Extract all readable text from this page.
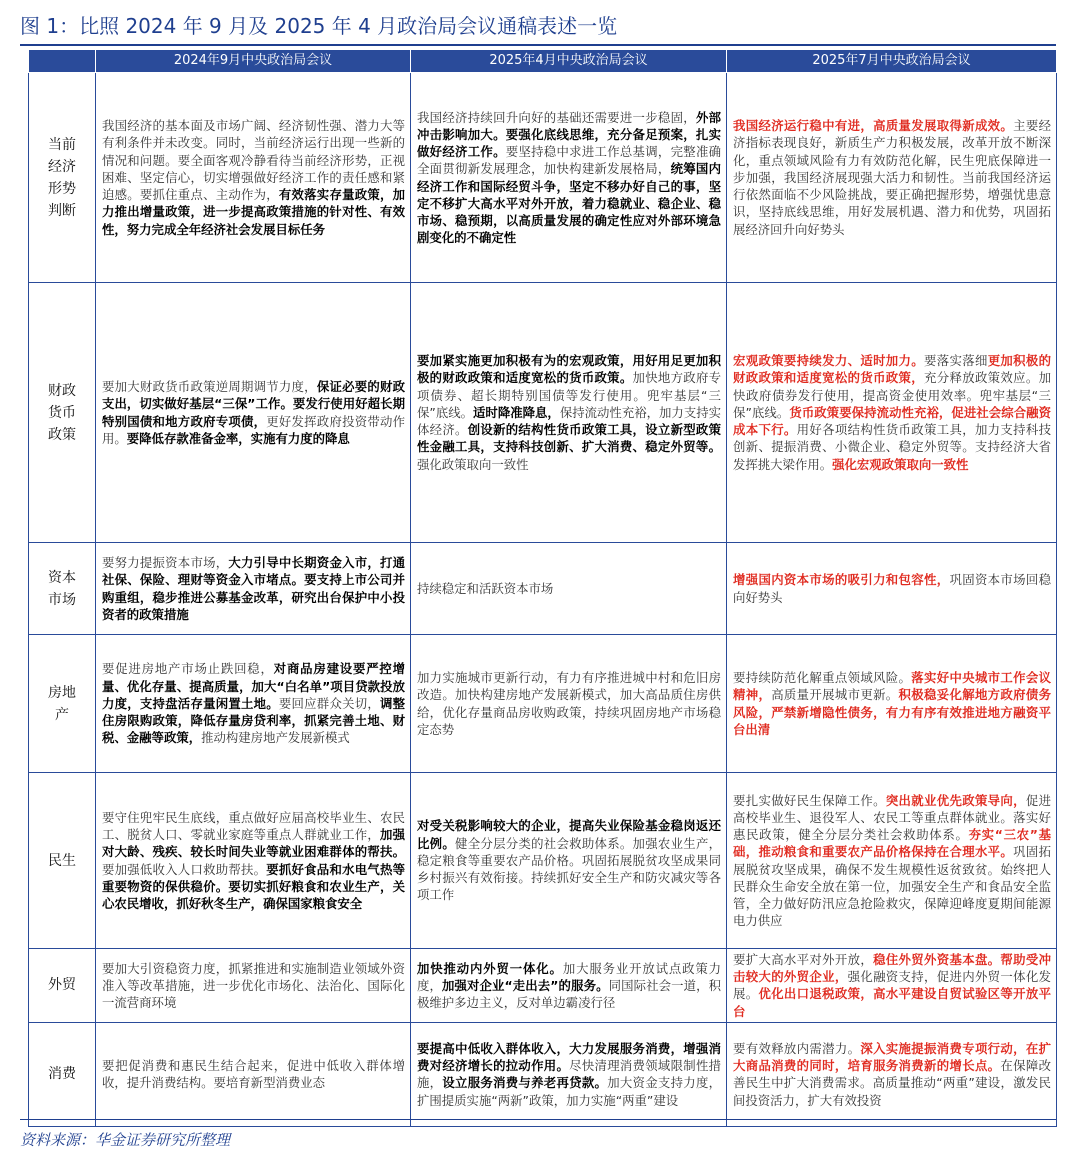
图 1：比照 2024 年 9 月及 2025 年 4 月政治局会议通稿表述一览
	2024年9月中央政治局会议	2025年4月中央政治局会议	2025年7月中央政治局会议
当前
经济
形势
判断	我国经济的基本面及市场广阔、经济韧性强、潜力大等有利条件并未改变。同时，当前经济运行出现一些新的情况和问题。要全面客观冷静看待当前经济形势，正视困难、坚定信心，切实增强做好经济工作的责任感和紧迫感。要抓住重点、主动作为，有效落实存量政策，加力推出增量政策，进一步提高政策措施的针对性、有效性，努力完成全年经济社会发展目标任务	我国经济持续回升向好的基础还需要进一步稳固，外部冲击影响加大。要强化底线思维，充分备足预案，扎实做好经济工作。要坚持稳中求进工作总基调，完整准确全面贯彻新发展理念，加快构建新发展格局，统筹国内经济工作和国际经贸斗争，坚定不移办好自己的事，坚定不移扩大高水平对外开放，着力稳就业、稳企业、稳市场、稳预期，以高质量发展的确定性应对外部环境急剧变化的不确定性	我国经济运行稳中有进，高质量发展取得新成效。主要经济指标表现良好，新质生产力积极发展，改革开放不断深化，重点领域风险有力有效防范化解，民生兜底保障进一步加强，我国经济展现强大活力和韧性。当前我国经济运行依然面临不少风险挑战，要正确把握形势，增强忧患意识，坚持底线思维，用好发展机遇、潜力和优势，巩固拓展经济回升向好势头
财政
货币
政策	要加大财政货币政策逆周期调节力度，保证必要的财政支出，切实做好基层“三保”工作。要发行使用好超长期特别国债和地方政府专项债，更好发挥政府投资带动作用。要降低存款准备金率，实施有力度的降息	要加紧实施更加积极有为的宏观政策，用好用足更加积极的财政政策和适度宽松的货币政策。加快地方政府专项债券、超长期特别国债等发行使用。兜牢基层“三保”底线。适时降准降息，保持流动性充裕，加力支持实体经济。创设新的结构性货币政策工具，设立新型政策性金融工具，支持科技创新、扩大消费、稳定外贸等。强化政策取向一致性	宏观政策要持续发力、适时加力。要落实落细更加积极的财政政策和适度宽松的货币政策，充分释放政策效应。加快政府债券发行使用，提高资金使用效率。兜牢基层“三保”底线。货币政策要保持流动性充裕，促进社会综合融资成本下行。用好各项结构性货币政策工具，加力支持科技创新、提振消费、小微企业、稳定外贸等。支持经济大省发挥挑大梁作用。强化宏观政策取向一致性
资本
市场	要努力提振资本市场，大力引导中长期资金入市，打通社保、保险、理财等资金入市堵点。要支持上市公司并购重组，稳步推进公募基金改革，研究出台保护中小投资者的政策措施	持续稳定和活跃资本市场	增强国内资本市场的吸引力和包容性，巩固资本市场回稳向好势头
房地
产	要促进房地产市场止跌回稳，对商品房建设要严控增量、优化存量、提高质量，加大“白名单”项目贷款投放力度，支持盘活存量闲置土地。要回应群众关切，调整住房限购政策，降低存量房贷利率，抓紧完善土地、财税、金融等政策，推动构建房地产发展新模式	加力实施城市更新行动，有力有序推进城中村和危旧房改造。加快构建房地产发展新模式，加大高品质住房供给，优化存量商品房收购政策，持续巩固房地产市场稳定态势	要持续防范化解重点领域风险。落实好中央城市工作会议精神，高质量开展城市更新。积极稳妥化解地方政府债务风险，严禁新增隐性债务，有力有序有效推进地方融资平台出清
民生	要守住兜牢民生底线，重点做好应届高校毕业生、农民工、脱贫人口、零就业家庭等重点人群就业工作，加强对大龄、残疾、较长时间失业等就业困难群体的帮扶。要加强低收入人口救助帮扶。要抓好食品和水电气热等重要物资的保供稳价。要切实抓好粮食和农业生产，关心农民增收，抓好秋冬生产，确保国家粮食安全	对受关税影响较大的企业，提高失业保险基金稳岗返还比例。健全分层分类的社会救助体系。加强农业生产，稳定粮食等重要农产品价格。巩固拓展脱贫攻坚成果同乡村振兴有效衔接。持续抓好安全生产和防灾减灾等各项工作	要扎实做好民生保障工作。突出就业优先政策导向，促进高校毕业生、退役军人、农民工等重点群体就业。落实好惠民政策，健全分层分类社会救助体系。夯实“三农”基础，推动粮食和重要农产品价格保持在合理水平。巩固拓展脱贫攻坚成果，确保不发生规模性返贫致贫。始终把人民群众生命安全放在第一位，加强安全生产和食品安全监管，全力做好防汛应急抢险救灾，保障迎峰度夏期间能源电力供应
外贸	要加大引资稳资力度，抓紧推进和实施制造业领域外资准入等改革措施，进一步优化市场化、法治化、国际化一流营商环境	加快推动内外贸一体化。加大服务业开放试点政策力度，加强对企业“走出去”的服务。同国际社会一道，积极维护多边主义，反对单边霸凌行径	要扩大高水平对外开放，稳住外贸外资基本盘。帮助受冲击较大的外贸企业，强化融资支持，促进内外贸一体化发展。优化出口退税政策，高水平建设自贸试验区等开放平台
消费	要把促消费和惠民生结合起来，促进中低收入群体增收，提升消费结构。要培育新型消费业态	要提高中低收入群体收入，大力发展服务消费，增强消费对经济增长的拉动作用。尽快清理消费领域限制性措施，设立服务消费与养老再贷款。加大资金支持力度，扩围提质实施“两新”政策，加力实施“两重”建设	要有效释放内需潜力。深入实施提振消费专项行动，在扩大商品消费的同时，培育服务消费新的增长点。在保障改善民生中扩大消费需求。高质量推动“两重”建设，激发民间投资活力，扩大有效投资
资料来源：华金证券研究所整理
